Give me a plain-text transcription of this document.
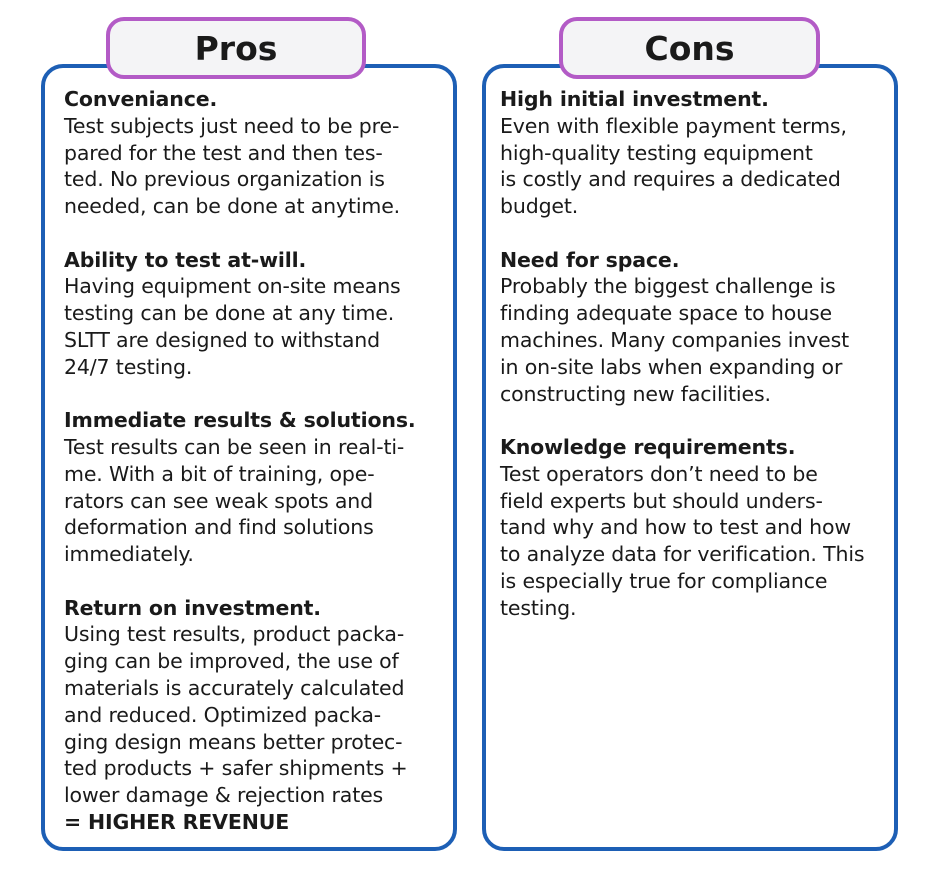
Pros
Conveniance.
Test subjects just need to be pre-
pared for the test and then tes-
ted. No previous organization is
needed, can be done at anytime.
Ability to test at-will.
Having equipment on-site means
testing can be done at any time.
SLTT are designed to withstand
24/7 testing.
Immediate results & solutions.
Test results can be seen in real-ti-
me. With a bit of training, ope-
rators can see weak spots and
deformation and find solutions
immediately.
Return on investment.
Using test results, product packa-
ging can be improved, the use of
materials is accurately calculated
and reduced. Optimized packa-
ging design means better protec-
ted products + safer shipments +
lower damage & rejection rates
= HIGHER REVENUE
Cons
High initial investment.
Even with flexible payment terms,
high-quality testing equipment
is costly and requires a dedicated
budget.
Need for space.
Probably the biggest challenge is
finding adequate space to house
machines. Many companies invest
in on-site labs when expanding or
constructing new facilities.
Knowledge requirements.
Test operators don’t need to be
field experts but should unders-
tand why and how to test and how
to analyze data for verification. This
is especially true for compliance
testing.
